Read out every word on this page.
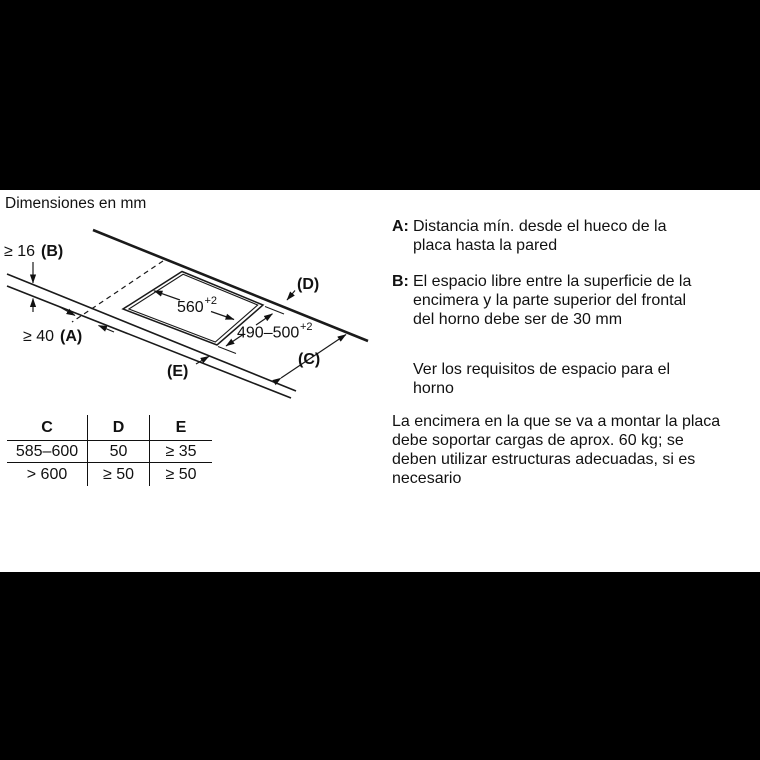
Dimensiones en mm
≥ 16 (B)
≥ 40 (A)
560 +2
490–500 +2
(D)
(E)
(C)
C	D	E
585–600	50	≥ 35
> 600	≥ 50	≥ 50
A: Distancia mín. desde el hueco de la placa hasta la pared
B: El espacio libre entre la superficie de la encimera y la parte superior del frontal del horno debe ser de 30 mm
Ver los requisitos de espacio para el horno
La encimera en la que se va a montar la placa debe soportar cargas de aprox. 60 kg; se deben utilizar estructuras adecuadas, si es necesario
